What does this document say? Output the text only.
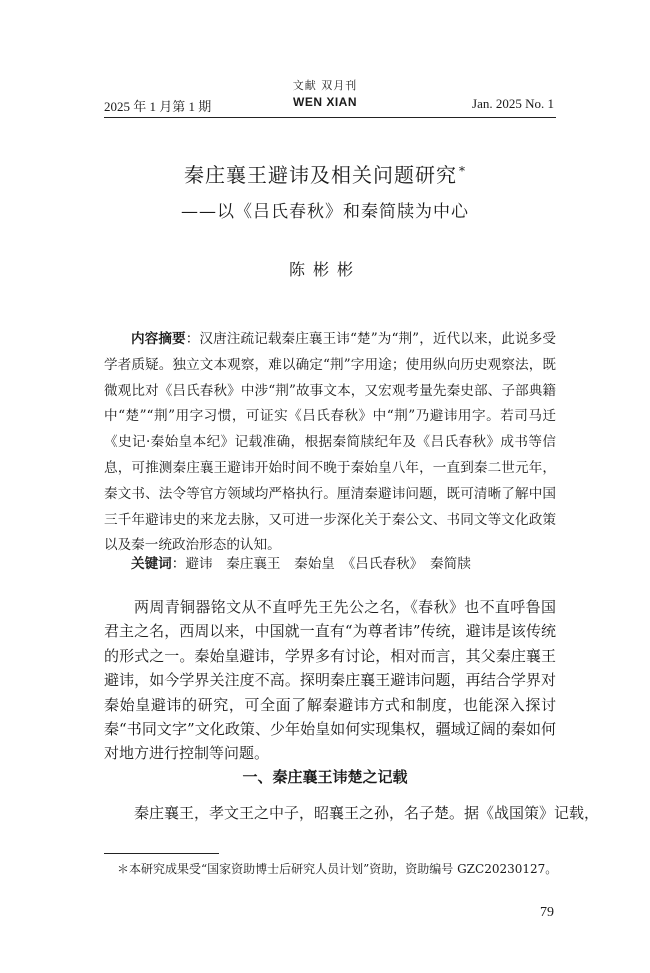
文献 双月刊
2025 年 1 月第 1 期	WEN XIAN	Jan. 2025 No. 1
秦庄襄王避讳及相关问题研究 *
——以《吕氏春秋》和秦简牍为中心
陈彬彬
内容摘要：汉唐注疏记载秦庄襄王讳“楚”为“荆”，近代以来，此说多受学者质疑。独立文本观察，难以确定“荆”字用途；使用纵向历史观察法，既微观比对《吕氏春秋》中涉“荆”故事文本，又宏观考量先秦史部、子部典籍中“楚”“荆”用字习惯，可证实《吕氏春秋》中“荆”乃避讳用字。若司马迁《史记·秦始皇本纪》记载准确，根据秦简牍纪年及《吕氏春秋》成书等信息，可推测秦庄襄王避讳开始时间不晚于秦始皇八年，一直到秦二世元年，秦文书、法令等官方领域均严格执行。厘清秦避讳问题，既可清晰了解中国三千年避讳史的来龙去脉，又可进一步深化关于秦公文、书同文等文化政策以及秦一统政治形态的认知。
关键词：避讳　秦庄襄王　秦始皇　《吕氏春秋》　秦简牍
两周青铜器铭文从不直呼先王先公之名，《春秋》也不直呼鲁国君主之名，西周以来，中国就一直有“为尊者讳”传统，避讳是该传统的形式之一。秦始皇避讳，学界多有讨论，相对而言，其父秦庄襄王避讳，如今学界关注度不高。探明秦庄襄王避讳问题，再结合学界对秦始皇避讳的研究，可全面了解秦避讳方式和制度，也能深入探讨秦“书同文字”文化政策、少年始皇如何实现集权，疆域辽阔的秦如何对地方进行控制等问题。
一、秦庄襄王讳楚之记载
秦庄襄王，孝文王之中子，昭襄王之孙，名子楚。据《战国策》记载，
＊本研究成果受“国家资助博士后研究人员计划”资助，资助编号 GZC20230127。
79
